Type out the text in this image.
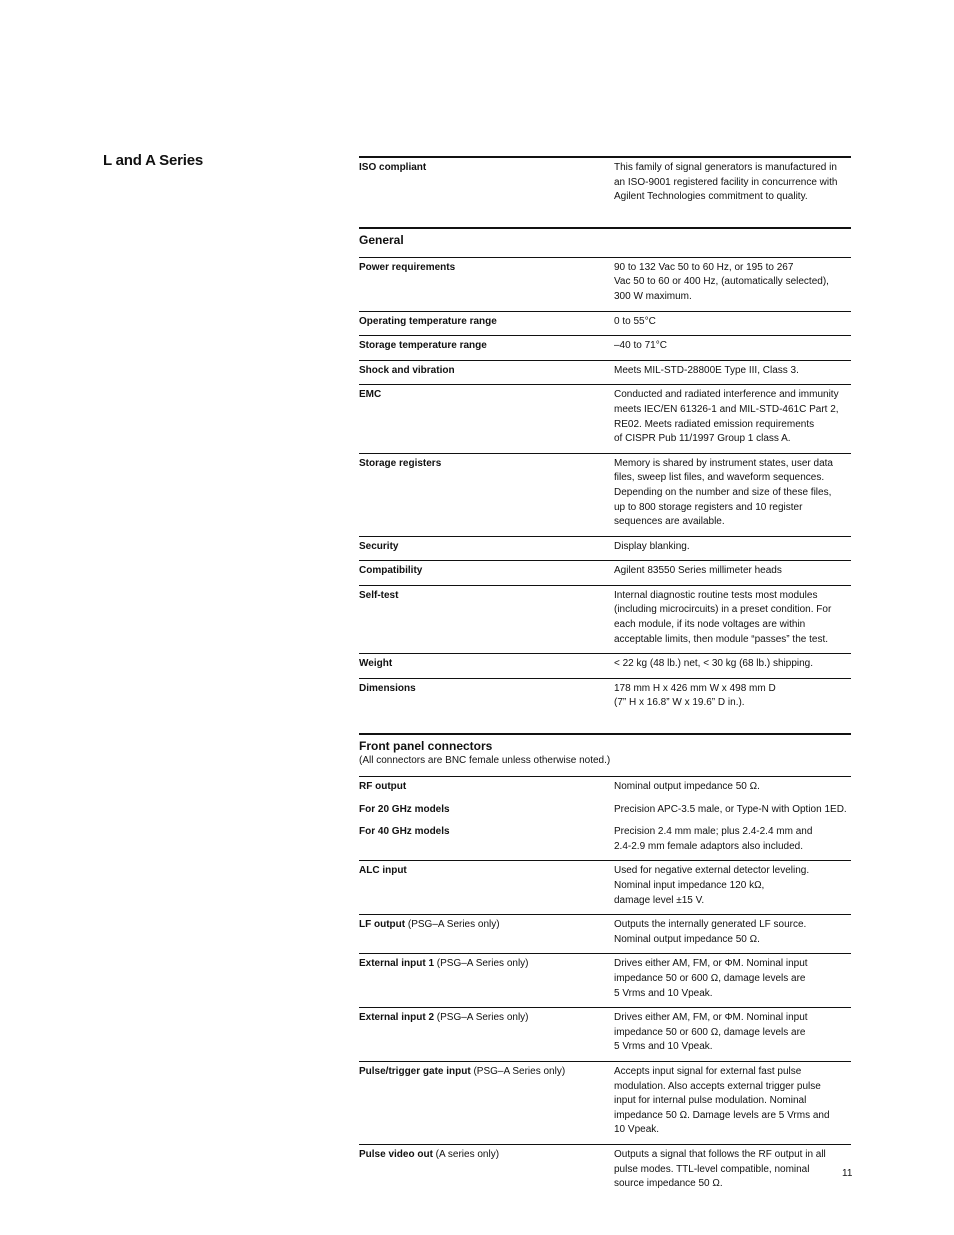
L and A Series	ISO compliant	This family of signal generators is manufactured in
an ISO-9001 registered facility in concurrence with
Agilent Technologies commitment to quality.
General
Power requirements	90 to 132 Vac 50 to 60 Hz, or 195 to 267
Vac 50 to 60 or 400 Hz, (automatically selected),
300 W maximum.
Operating temperature range	0 to 55°C
Storage temperature range	–40 to 71°C
Shock and vibration	Meets MIL-STD-28800E Type III, Class 3.
EMC	Conducted and radiated interference and immunity
meets IEC/EN 61326-1 and MIL-STD-461C Part 2,
RE02. Meets radiated emission requirements
of CISPR Pub 11/1997 Group 1 class A.
Storage registers	Memory is shared by instrument states, user data
files, sweep list files, and waveform sequences.
Depending on the number and size of these files,
up to 800 storage registers and 10 register
sequences are available.
Security	Display blanking.
Compatibility	Agilent 83550 Series millimeter heads
Self-test	Internal diagnostic routine tests most modules
(including microcircuits) in a preset condition. For
each module, if its node voltages are within
acceptable limits, then module “passes” the test.
Weight	< 22 kg (48 lb.) net, < 30 kg (68 lb.) shipping.
Dimensions	178 mm H x 426 mm W x 498 mm D
(7” H x 16.8” W x 19.6” D in.).
Front panel connectors
(All connectors are BNC female unless otherwise noted.)
RF output	Nominal output impedance 50 Ω.
For 20 GHz models	Precision APC-3.5 male, or Type-N with Option 1ED.
For 40 GHz models	Precision 2.4 mm male; plus 2.4-2.4 mm and
2.4-2.9 mm female adaptors also included.
ALC input	Used for negative external detector leveling.
Nominal input impedance 120 kΩ,
damage level ±15 V.
LF output (PSG–A Series only)	Outputs the internally generated LF source.
Nominal output impedance 50 Ω.
External input 1 (PSG–A Series only)	Drives either AM, FM, or ΦM. Nominal input
impedance 50 or 600 Ω, damage levels are
5 Vrms and 10 Vpeak.
External input 2 (PSG–A Series only)	Drives either AM, FM, or ΦM. Nominal input
impedance 50 or 600 Ω, damage levels are
5 Vrms and 10 Vpeak.
Pulse/trigger gate input (PSG–A Series only)	Accepts input signal for external fast pulse
modulation. Also accepts external trigger pulse
input for internal pulse modulation. Nominal
impedance 50 Ω. Damage levels are 5 Vrms and
10 Vpeak.
Pulse video out (A series only)	Outputs a signal that follows the RF output in all
pulse modes. TTL-level compatible, nominal
source impedance 50 Ω.
11
